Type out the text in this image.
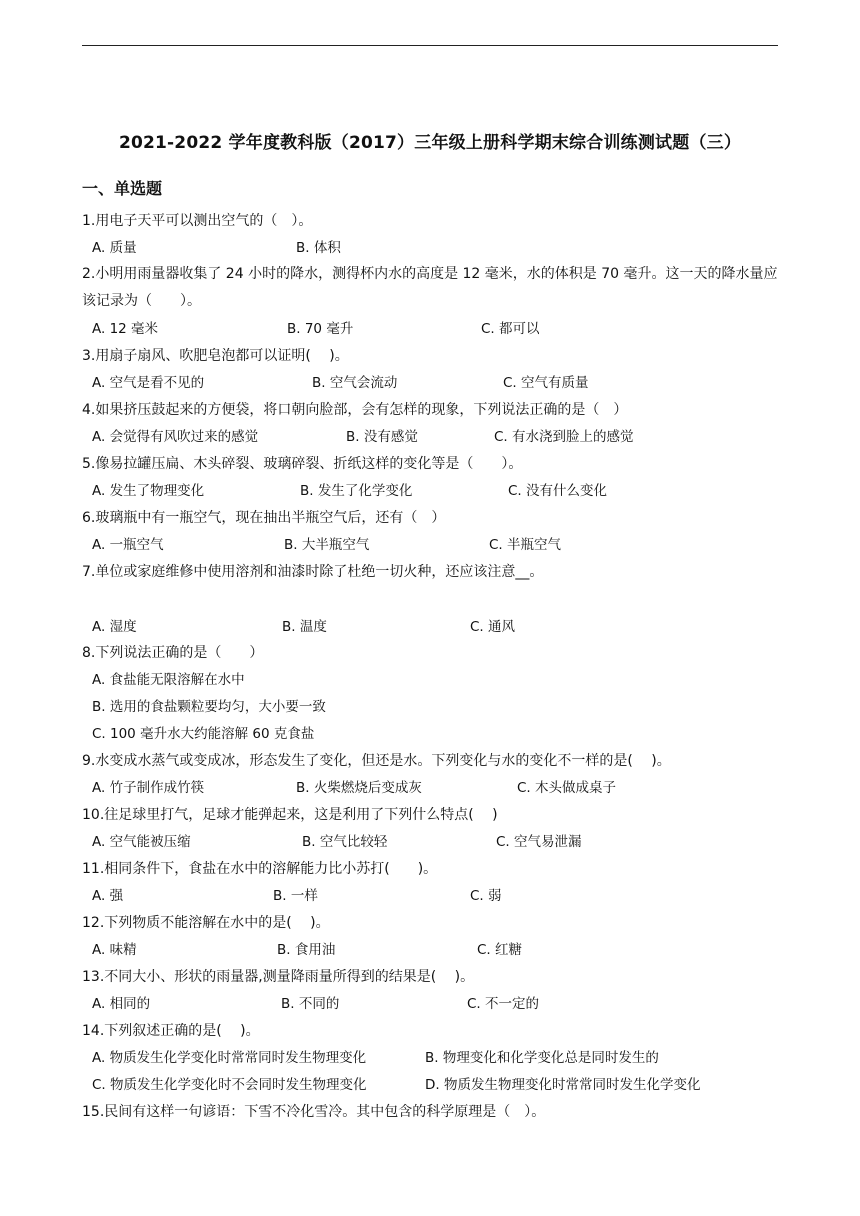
2021-2022 学年度教科版（2017）三年级上册科学期末综合训练测试题（三）
一、单选题
1.用电子天平可以测出空气的（　）。
A. 质量	B. 体积
2.小明用雨量器收集了 24 小时的降水，测得杯内水的高度是 12 毫米，水的体积是 70 毫升。这一天的降水量应该记录为（　　）。
A. 12 毫米	B. 70 毫升	C. 都可以
3.用扇子扇风、吹肥皂泡都可以证明(　 )。
A. 空气是看不见的	B. 空气会流动	C. 空气有质量
4.如果挤压鼓起来的方便袋，将口朝向脸部，会有怎样的现象，下列说法正确的是（　）
A. 会觉得有风吹过来的感觉	B. 没有感觉	C. 有水浇到脸上的感觉
5.像易拉罐压扁、木头碎裂、玻璃碎裂、折纸这样的变化等是（　　）。
A. 发生了物理变化	B. 发生了化学变化	C. 没有什么变化
6.玻璃瓶中有一瓶空气，现在抽出半瓶空气后，还有（　）
A. 一瓶空气	B. 大半瓶空气	C. 半瓶空气
7.单位或家庭维修中使用溶剂和油漆时除了杜绝一切火种，还应该注意__。
A. 湿度	B. 温度	C. 通风
8.下列说法正确的是（　　）
A. 食盐能无限溶解在水中
B. 选用的食盐颗粒要均匀，大小要一致
C. 100 毫升水大约能溶解 60 克食盐
9.水变成水蒸气或变成冰，形态发生了变化，但还是水。下列变化与水的变化不一样的是(　 )。
A. 竹子制作成竹筷	B. 火柴燃烧后变成灰	C. 木头做成桌子
10.往足球里打气，足球才能弹起来，这是利用了下列什么特点(　 )
A. 空气能被压缩	B. 空气比较轻	C. 空气易泄漏
11.相同条件下，食盐在水中的溶解能力比小苏打(　　)。
A. 强	B. 一样	C. 弱
12.下列物质不能溶解在水中的是(　 )。
A. 味精	B. 食用油	C. 红糖
13.不同大小、形状的雨量器,测量降雨量所得到的结果是(　 )。
A. 相同的	B. 不同的	C. 不一定的
14.下列叙述正确的是(　 )。
A. 物质发生化学变化时常常同时发生物理变化	B. 物理变化和化学变化总是同时发生的
C. 物质发生化学变化时不会同时发生物理变化	D. 物质发生物理变化时常常同时发生化学变化
15.民间有这样一句谚语：下雪不冷化雪冷。其中包含的科学原理是（　）。
